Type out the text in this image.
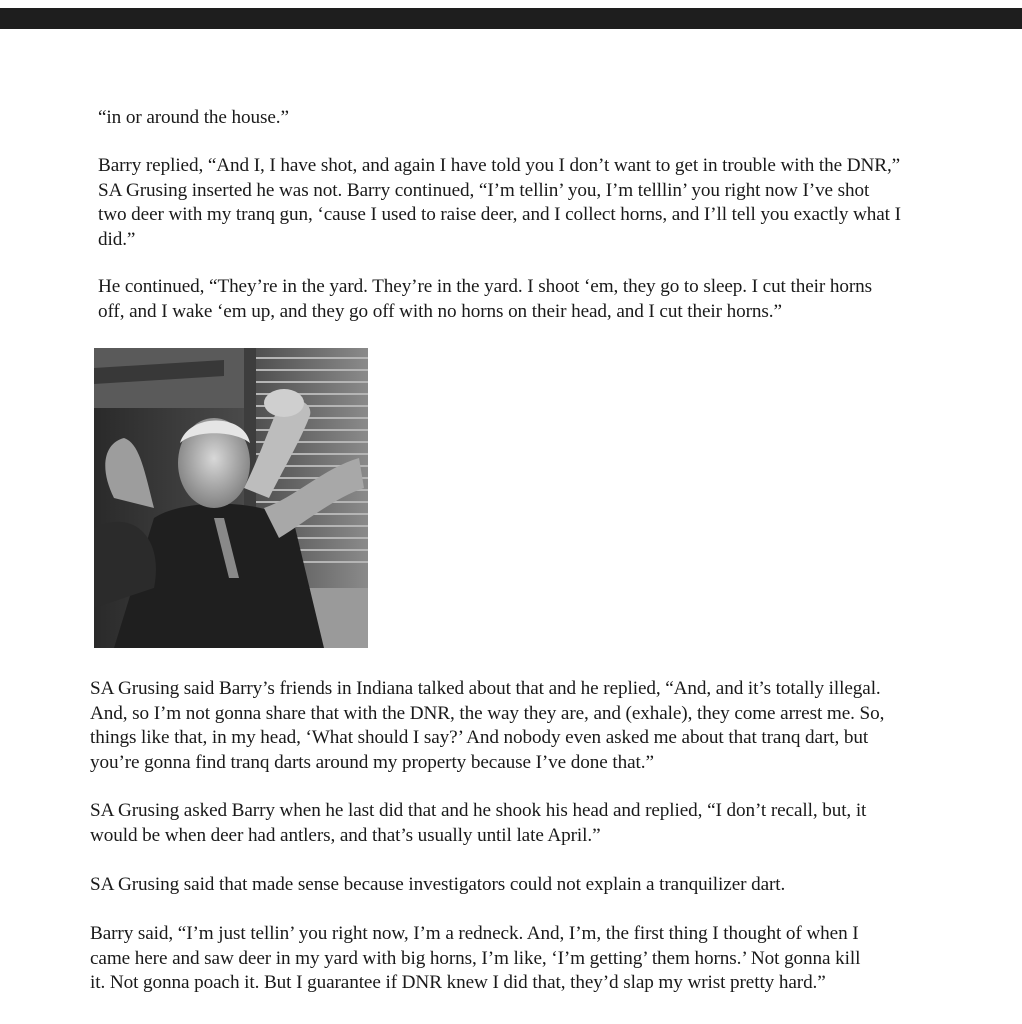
“in or around the house.”

Barry replied, “And I, I have shot, and again I have told you I don’t want to get in trouble with the DNR,”
SA Grusing inserted he was not. Barry continued, “I’m tellin’ you, I’m telllin’ you right now I’ve shot
two deer with my tranq gun, ‘cause I used to raise deer, and I collect horns, and I’ll tell you exactly what I
did.”

He continued, “They’re in the yard. They’re in the yard. I shoot ‘em, they go to sleep. I cut their horns
off, and I wake ‘em up, and they go off with no horns on their head, and I cut their horns.”

SA Grusing said Barry’s friends in Indiana talked about that and he replied, “And, and it’s totally illegal.
And, so I’m not gonna share that with the DNR, the way they are, and (exhale), they come arrest me. So,
things like that, in my head, ‘What should I say?’ And nobody even asked me about that tranq dart, but
you’re gonna find tranq darts around my property because I’ve done that.”

SA Grusing asked Barry when he last did that and he shook his head and replied, “I don’t recall, but, it
would be when deer had antlers, and that’s usually until late April.”

SA Grusing said that made sense because investigators could not explain a tranquilizer dart.

Barry said, “I’m just tellin’ you right now, I’m a redneck. And, I’m, the first thing I thought of when I
came here and saw deer in my yard with big horns, I’m like, ‘I’m getting’ them horns.’ Not gonna kill
it. Not gonna poach it. But I guarantee if DNR knew I did that, they’d slap my wrist pretty hard.”
